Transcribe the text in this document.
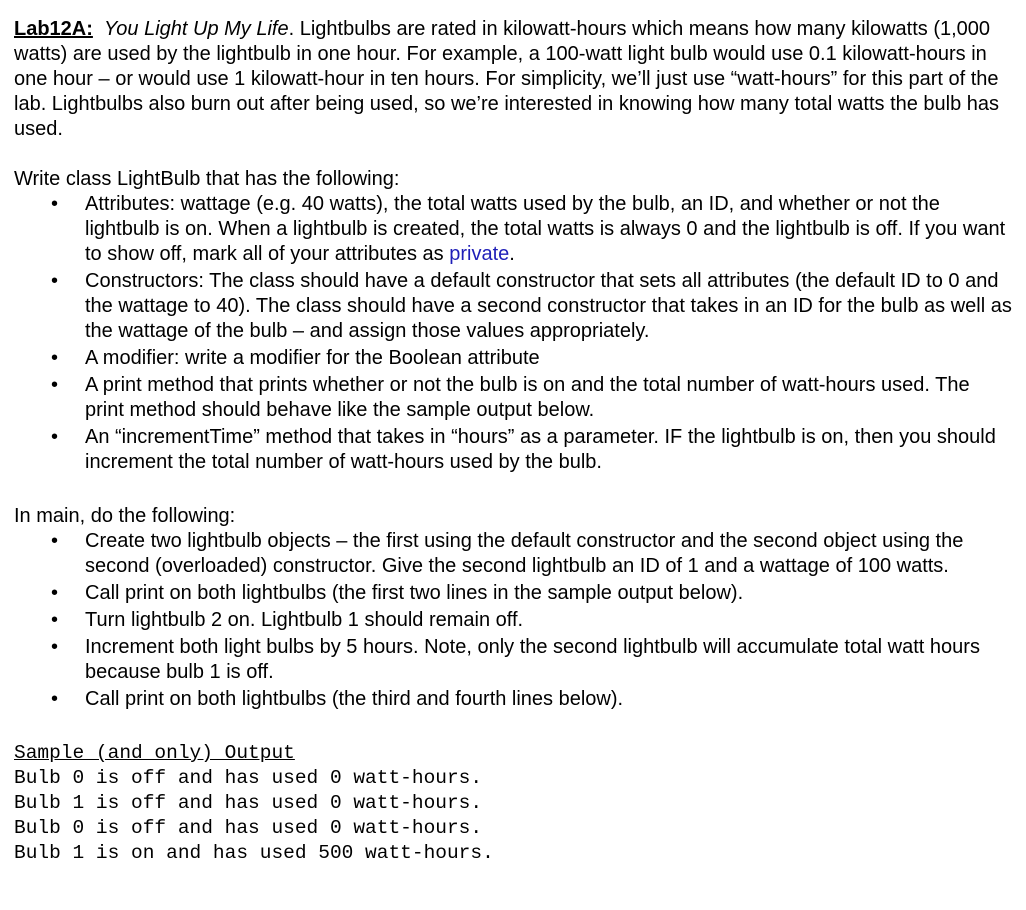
Lab12A: You Light Up My Life. Lightbulbs are rated in kilowatt-hours which means how many kilowatts (1,000 watts) are used by the lightbulb in one hour. For example, a 100-watt light bulb would use 0.1 kilowatt-hours in one hour – or would use 1 kilowatt-hour in ten hours. For simplicity, we’ll just use “watt-hours” for this part of the lab. Lightbulbs also burn out after being used, so we’re interested in knowing how many total watts the bulb has used.

Write class LightBulb that has the following:

• Attributes: wattage (e.g. 40 watts), the total watts used by the bulb, an ID, and whether or not the lightbulb is on. When a lightbulb is created, the total watts is always 0 and the lightbulb is off. If you want to show off, mark all of your attributes as private.
• Constructors: The class should have a default constructor that sets all attributes (the default ID to 0 and the wattage to 40). The class should have a second constructor that takes in an ID for the bulb as well as the wattage of the bulb – and assign those values appropriately.
• A modifier: write a modifier for the Boolean attribute
• A print method that prints whether or not the bulb is on and the total number of watt-hours used. The print method should behave like the sample output below.
• An “incrementTime” method that takes in “hours” as a parameter. IF the lightbulb is on, then you should increment the total number of watt-hours used by the bulb.

In main, do the following:

• Create two lightbulb objects – the first using the default constructor and the second object using the second (overloaded) constructor. Give the second lightbulb an ID of 1 and a wattage of 100 watts.
• Call print on both lightbulbs (the first two lines in the sample output below).
• Turn lightbulb 2 on. Lightbulb 1 should remain off.
• Increment both light bulbs by 5 hours. Note, only the second lightbulb will accumulate total watt hours because bulb 1 is off.
• Call print on both lightbulbs (the third and fourth lines below).
Sample (and only) Output
Bulb 0 is off and has used 0 watt-hours.
Bulb 1 is off and has used 0 watt-hours.
Bulb 0 is off and has used 0 watt-hours.
Bulb 1 is on and has used 500 watt-hours.
